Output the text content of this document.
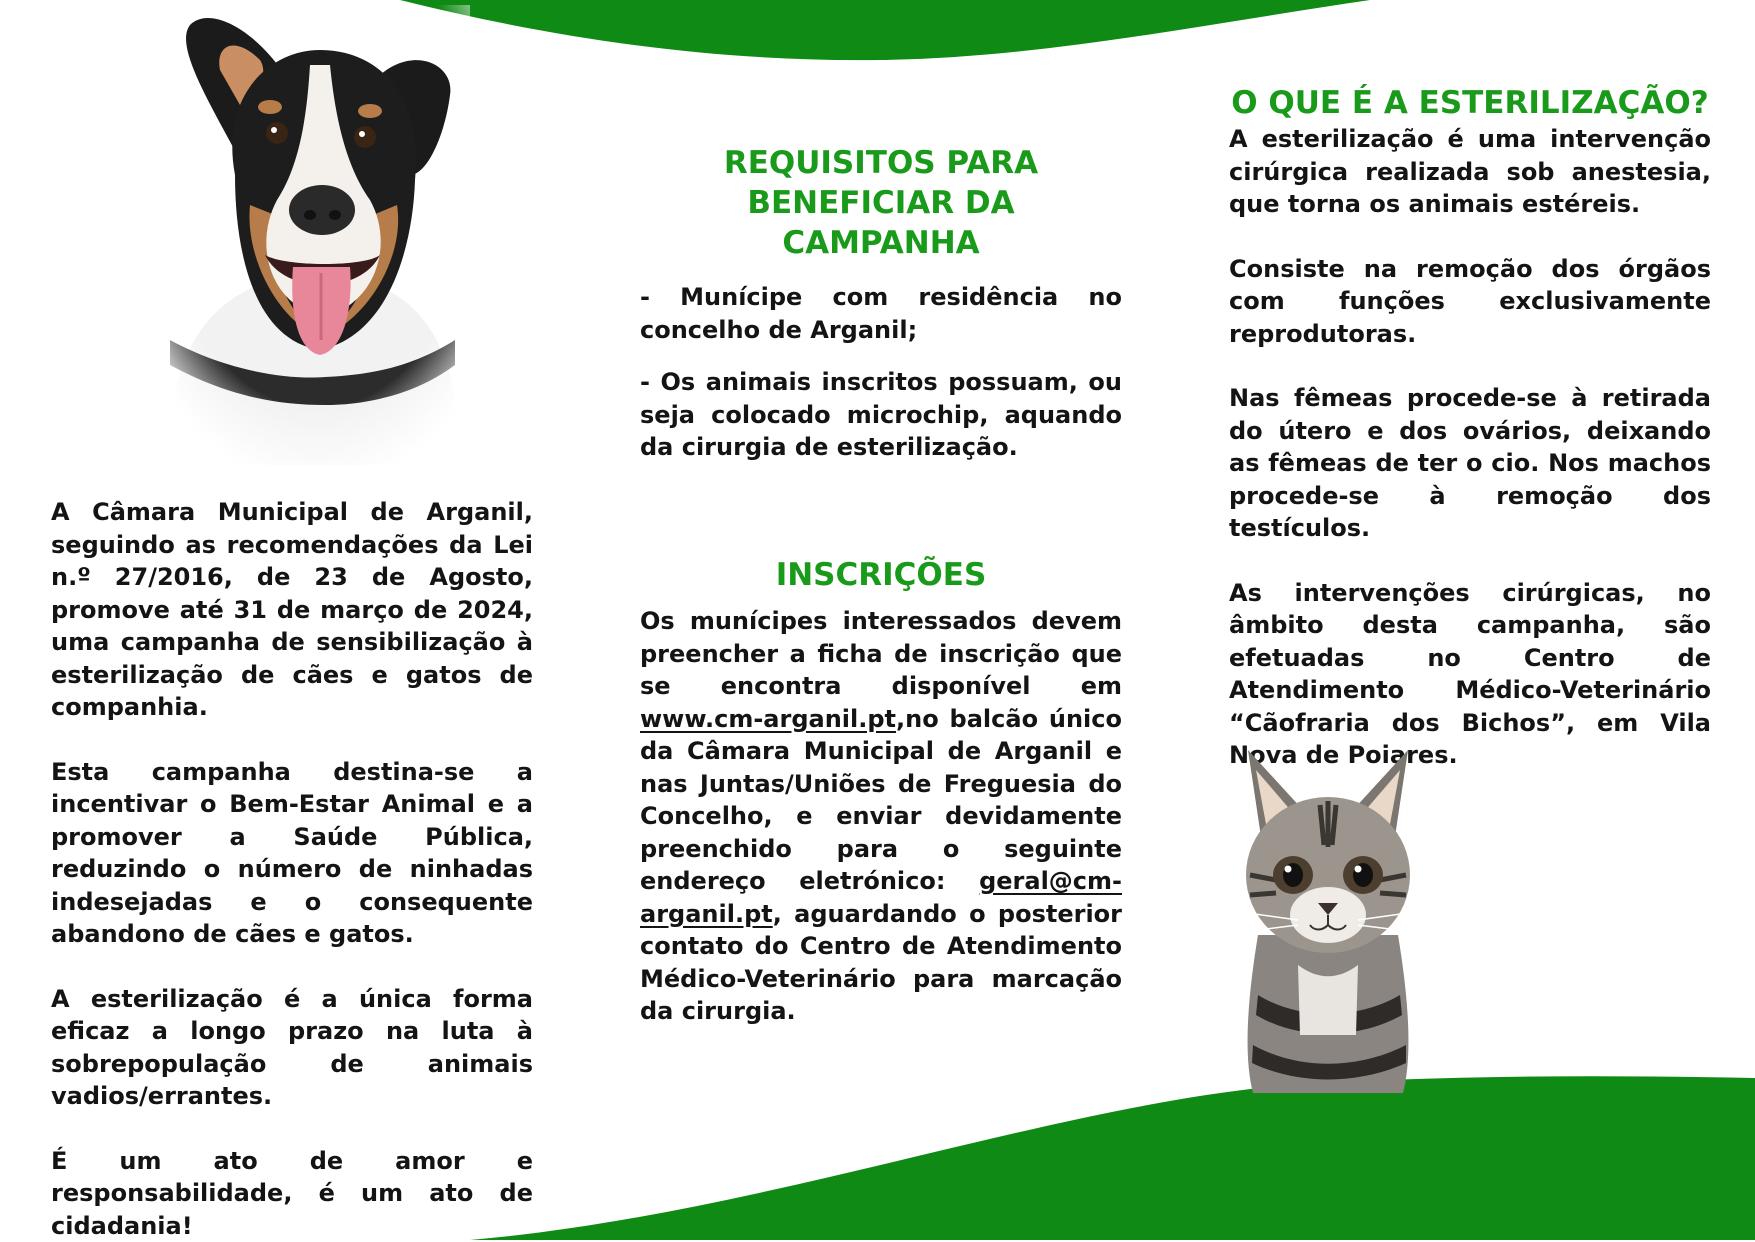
A Câmara Municipal de Arganil, seguindo as recomendações da Lei n.º 27/2016, de 23 de Agosto, promove até 31 de março de 2024, uma campanha de sensibilização à esterilização de cães e gatos de companhia.

Esta campanha destina-se a incentivar o Bem-Estar Animal e a promover a Saúde Pública, reduzindo o número de ninhadas indesejadas e o consequente abandono de cães e gatos.

A esterilização é a única forma eficaz a longo prazo na luta à sobrepopulação de animais vadios/errantes.

É um ato de amor e responsabilidade, é um ato de cidadania!

REQUISITOS PARA BENEFICIAR DA CAMPANHA

- Munícipe com residência no concelho de Arganil;

- Os animais inscritos possuam, ou seja colocado microchip, aquando da cirurgia de esterilização.

INSCRIÇÕES

Os munícipes interessados devem preencher a ficha de inscrição que se encontra disponível em www.cm-arganil.pt,no balcão único da Câmara Municipal de Arganil e nas Juntas/Uniões de Freguesia do Concelho, e enviar devidamente preenchido para o seguinte endereço eletrónico: geral@cm-arganil.pt, aguardando o posterior contato do Centro de Atendimento Médico-Veterinário para marcação da cirurgia.

O QUE É A ESTERILIZAÇÃO?

A esterilização é uma intervenção cirúrgica realizada sob anestesia, que torna os animais estéreis.

Consiste na remoção dos órgãos com funções exclusivamente reprodutoras.

Nas fêmeas procede-se à retirada do útero e dos ovários, deixando as fêmeas de ter o cio. Nos machos procede-se à remoção dos testículos.

As intervenções cirúrgicas, no âmbito desta campanha, são efetuadas no Centro de Atendimento Médico-Veterinário “Cãofraria dos Bichos”, em Vila Nova de Poiares.
